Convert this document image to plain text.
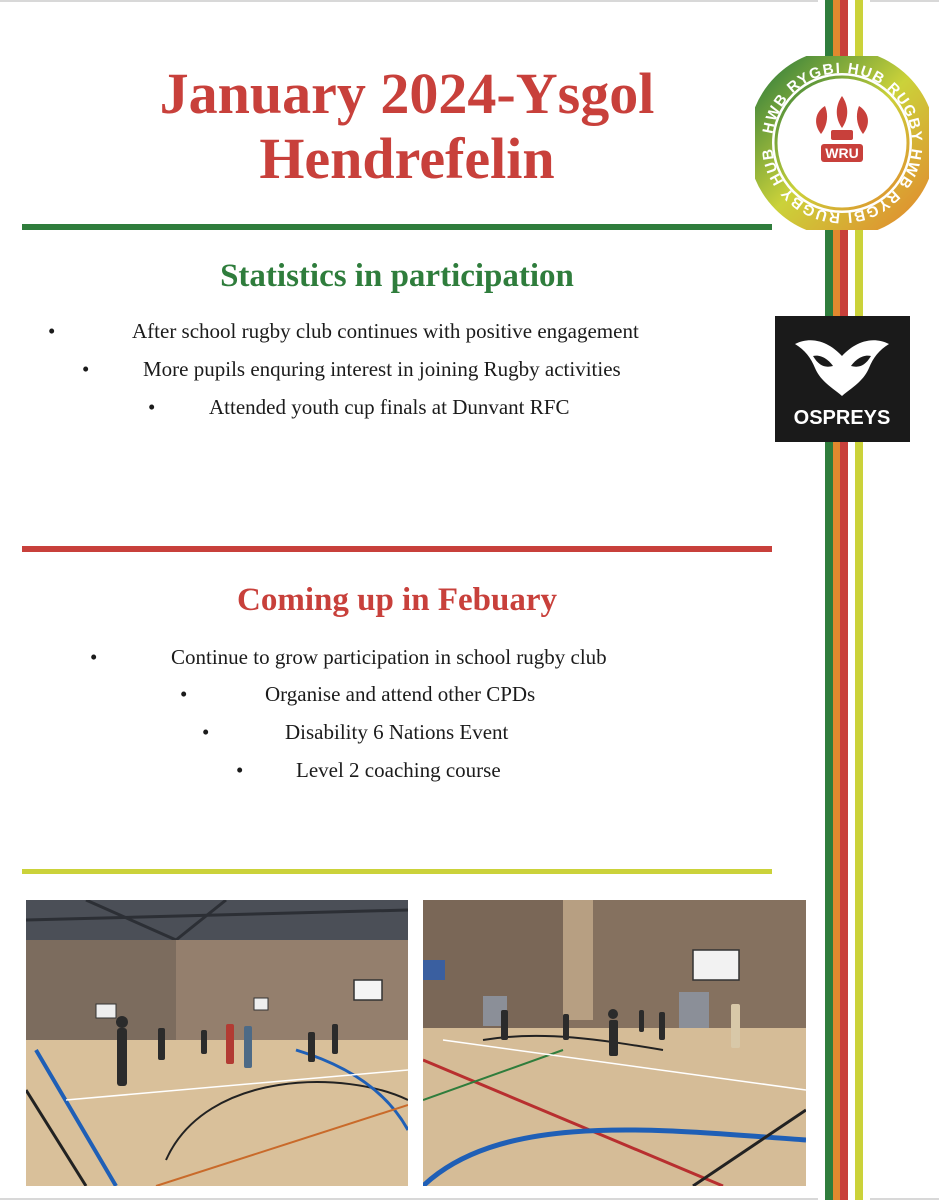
January 2024-Ysgol
Hendrefelin
Statistics in participation
•	After school rugby club continues with positive engagement
•	More pupils enquring interest in joining Rugby activities
•	Attended youth cup finals at Dunvant RFC
Coming up in Febuary
•	Continue to grow participation in school rugby club
•	Organise and attend other CPDs
•	Disability 6 Nations Event
•	Level 2 coaching course
HWB RYGBI HUB RUGBY HWB RYGBI RUGBY HUB	WRU
OSPREYS
